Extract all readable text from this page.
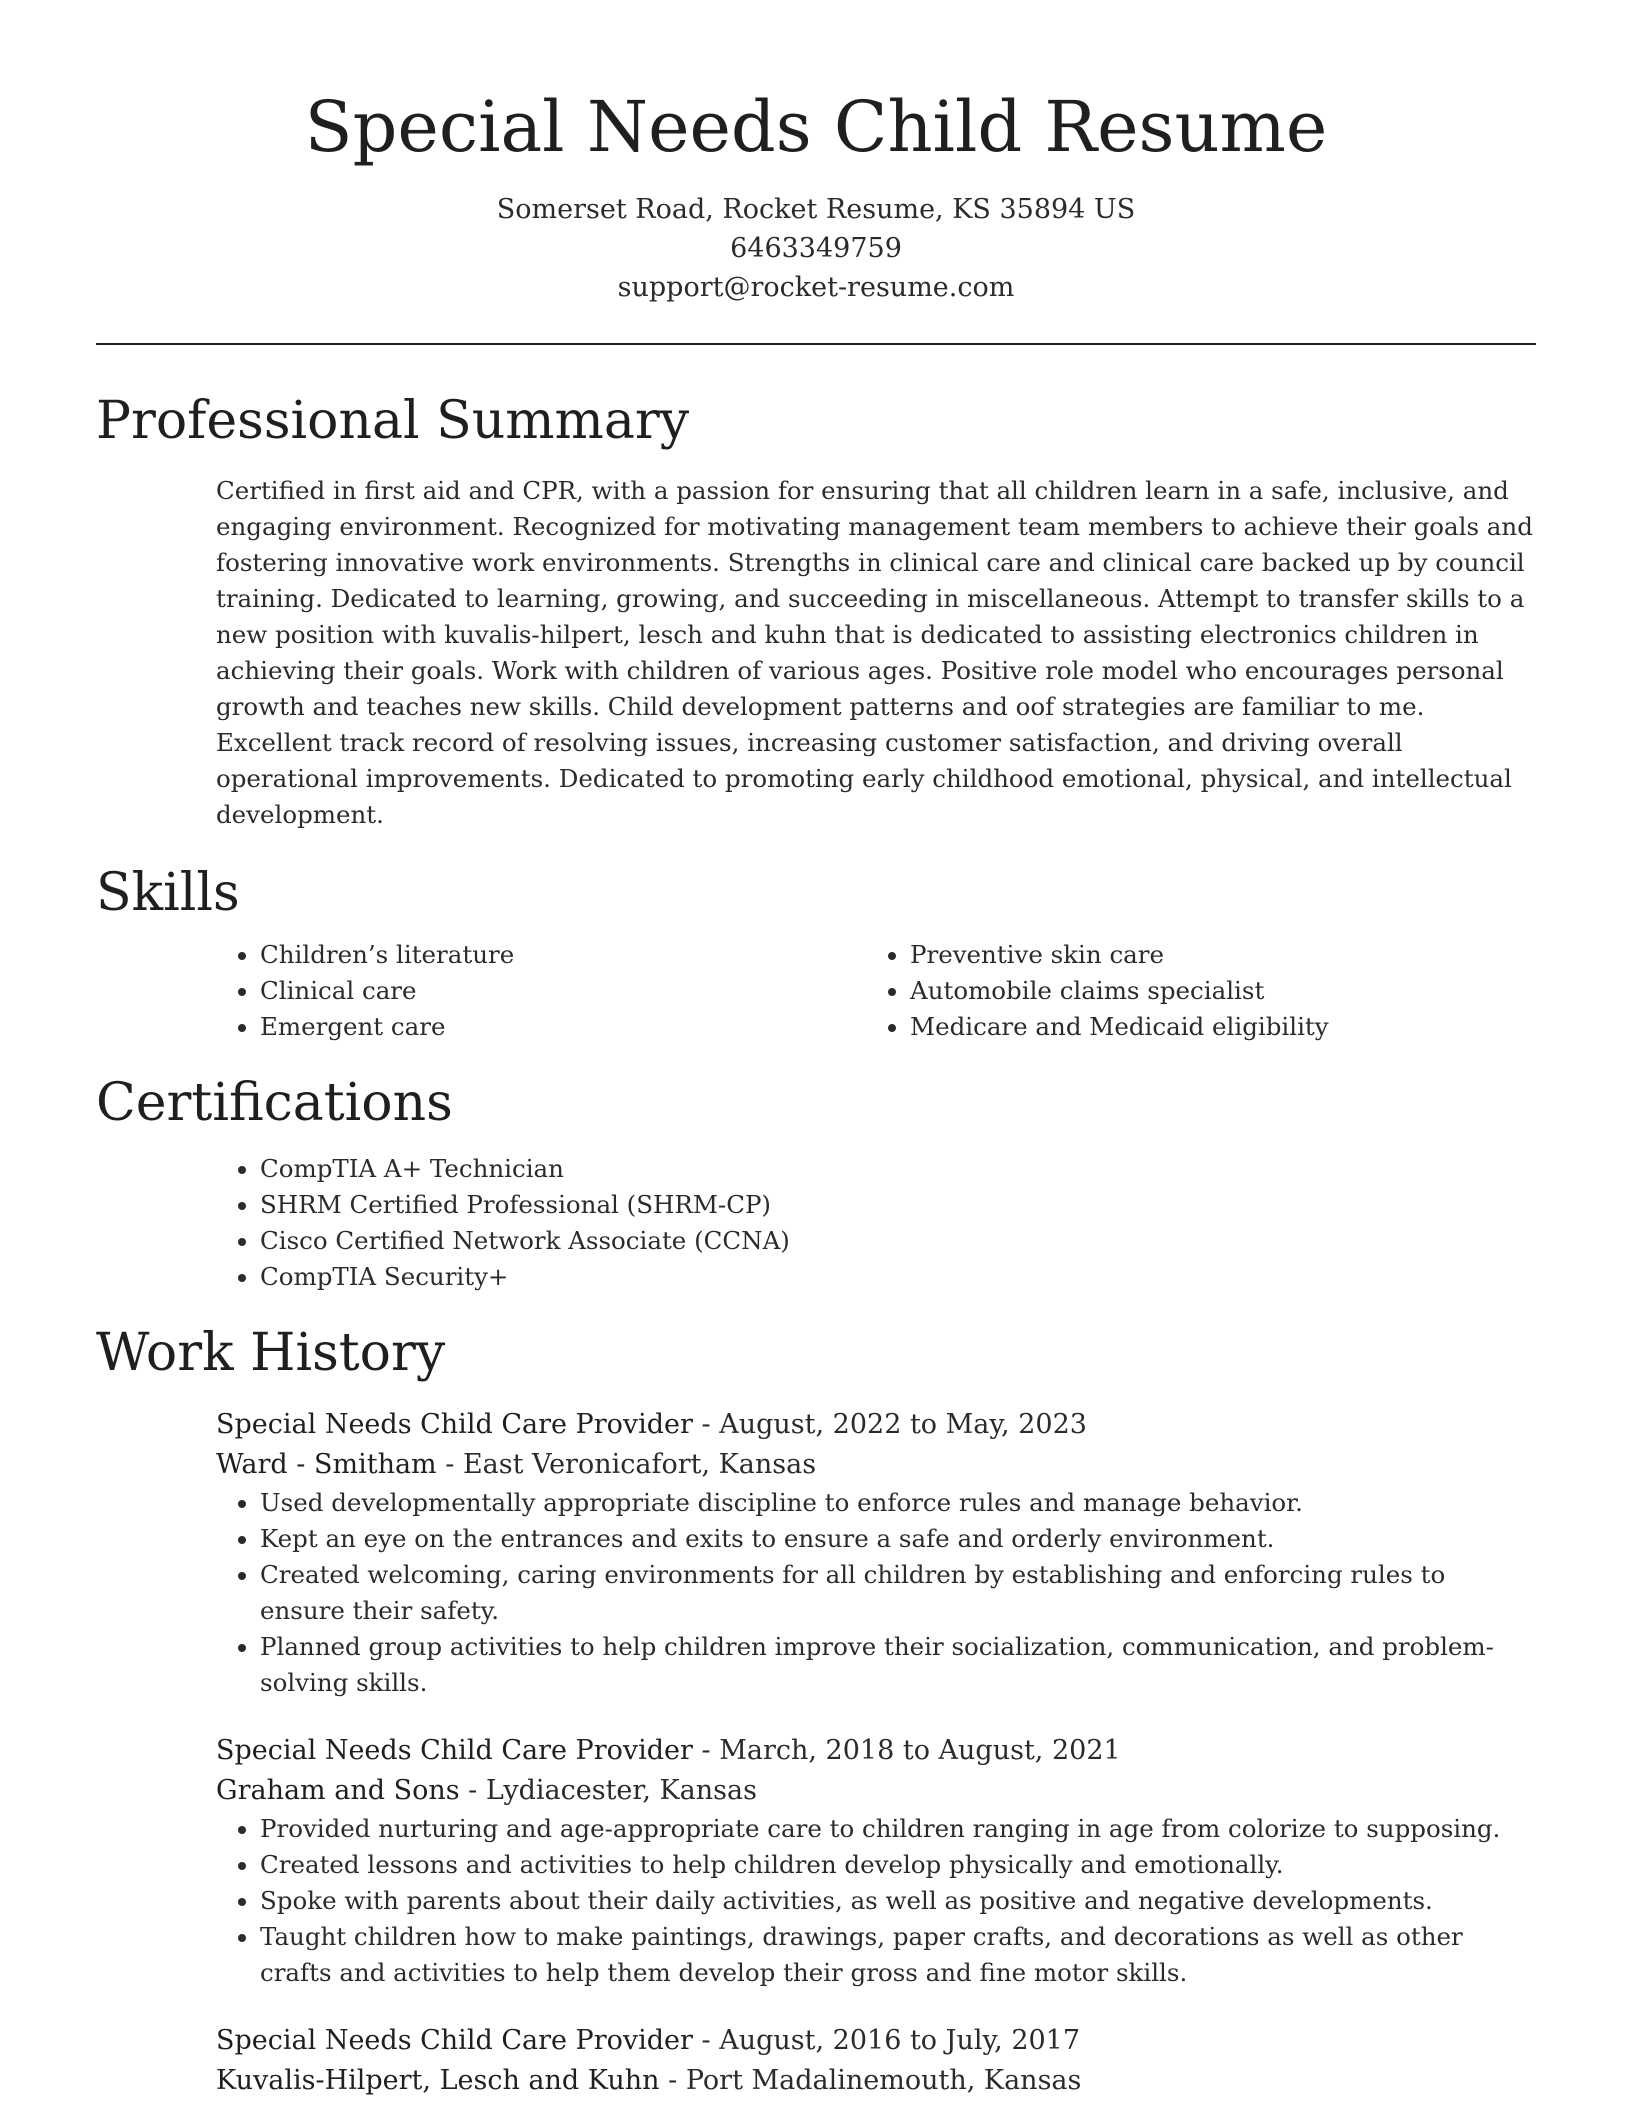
Special Needs Child Resume
Somerset Road, Rocket Resume, KS 35894 US
6463349759
support@rocket-resume.com
Professional Summary

Certified in first aid and CPR, with a passion for ensuring that all children learn in a safe, inclusive, and engaging environment. Recognized for motivating management team members to achieve their goals and fostering innovative work environments. Strengths in clinical care and clinical care backed up by council training. Dedicated to learning, growing, and succeeding in miscellaneous. Attempt to transfer skills to a new position with kuvalis-hilpert, lesch and kuhn that is dedicated to assisting electronics children in achieving their goals. Work with children of various ages. Positive role model who encourages personal growth and teaches new skills. Child development patterns and oof strategies are familiar to me. Excellent track record of resolving issues, increasing customer satisfaction, and driving overall operational improvements. Dedicated to promoting early childhood emotional, physical, and intellectual development.

Skills
• Children’s literature
• Clinical care
• Emergent care
• Preventive skin care
• Automobile claims specialist
• Medicare and Medicaid eligibility
Certifications
• CompTIA A+ Technician
• SHRM Certified Professional (SHRM-CP)
• Cisco Certified Network Associate (CCNA)
• CompTIA Security+
Work History
Special Needs Child Care Provider - August, 2022 to May, 2023
Ward - Smitham - East Veronicafort, Kansas
• Used developmentally appropriate discipline to enforce rules and manage behavior.
• Kept an eye on the entrances and exits to ensure a safe and orderly environment.
• Created welcoming, caring environments for all children by establishing and enforcing rules to ensure their safety.
• Planned group activities to help children improve their socialization, communication, and problem-solving skills.
Special Needs Child Care Provider - March, 2018 to August, 2021
Graham and Sons - Lydiacester, Kansas
• Provided nurturing and age-appropriate care to children ranging in age from colorize to supposing.
• Created lessons and activities to help children develop physically and emotionally.
• Spoke with parents about their daily activities, as well as positive and negative developments.
• Taught children how to make paintings, drawings, paper crafts, and decorations as well as other crafts and activities to help them develop their gross and fine motor skills.
Special Needs Child Care Provider - August, 2016 to July, 2017
Kuvalis-Hilpert, Lesch and Kuhn - Port Madalinemouth, Kansas
